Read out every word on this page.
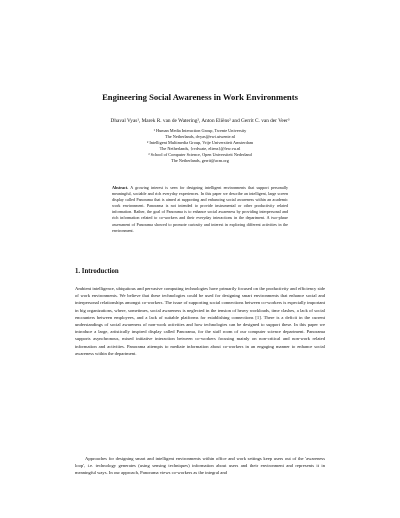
Engineering Social Awareness in Work Environments
Dhaval Vyas¹, Marek R. van de Watering², Anton Eliëns² and Gerrit C. van der Veer³
¹ Human Media Interaction Group, Twente University
The Netherlands, dvyas@ewi.utwente.nl
² Intelligent Multimedia Group, Vrije Universiteit Amsterdam
The Netherlands, {rvdwate, eliens}@few.vu.nl
³ School of Computer Science, Open Universiteit Nederland
The Netherlands, gerrit@acm.org

Abstract. A growing interest is seen for designing intelligent environments that support personally meaningful, sociable and rich everyday experiences. In this paper we describe an intelligent, large screen display called Panorama that is aimed at supporting and enhancing social awareness within an academic work environment. Panorama is not intended to provide instrumental or other productivity related information. Rather, the goal of Panorama is to enhance social awareness by providing interpersonal and rich information related to co-workers and their everyday interactions in the department. A two-phase assessment of Panorama showed to promote curiosity and interest in exploring different activities in the environment.

1. Introduction

Ambient intelligence, ubiquitous and pervasive computing technologies have primarily focused on the productivity and efficiency side of work environments. We believe that these technologies could be used for designing smart environments that enhance social and interpersonal relationships amongst co-workers. The issue of supporting social connections between co-workers is especially important in big organizations, where, sometimes, social awareness is neglected in the tension of heavy workloads, time clashes, a lack of social encounters between employees, and a lack of suitable platforms for establishing connections [1]. There is a deficit in the current understandings of social awareness of non-work activities and how technologies can be designed to support these. In this paper we introduce a large, artistically inspired display called Panorama, for the staff room of our computer science department. Panorama supports asynchronous, mixed initiative interaction between co-workers focusing mainly on non-critical and non-work related information and activities. Panorama attempts to mediate information about co-workers in an engaging manner to enhance social awareness within the department.

Approaches for designing smart and intelligent environments within office and work settings keep users out of the 'awareness loop', i.e. technology generates (using sensing techniques) information about users and their environment and represents it in meaningful ways. In our approach, Panorama views co-workers as the integral and
